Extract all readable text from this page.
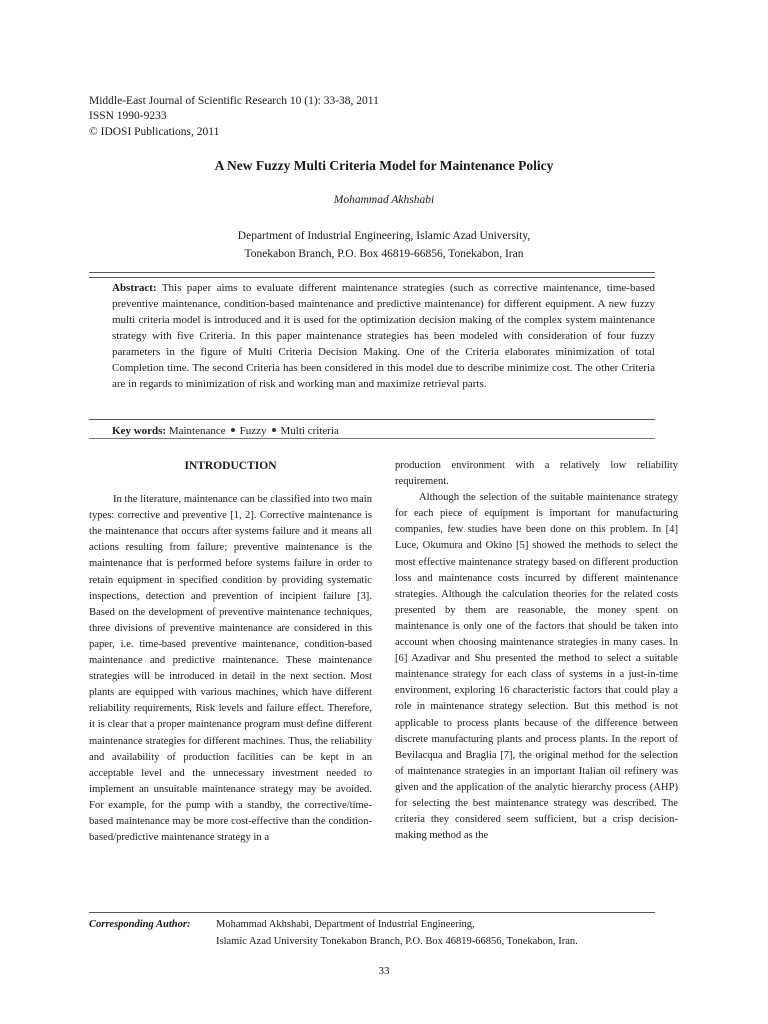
Middle-East Journal of Scientific Research 10 (1): 33-38, 2011
ISSN 1990-9233
© IDOSI Publications, 2011
A New Fuzzy Multi Criteria Model for Maintenance Policy
Mohammad Akhshabi
Department of Industrial Engineering, Islamic Azad University,
Tonekabon Branch, P.O. Box 46819-66856, Tonekabon, Iran
Abstract: This paper aims to evaluate different maintenance strategies (such as corrective maintenance, time-based preventive maintenance, condition-based maintenance and predictive maintenance) for different equipment. A new fuzzy multi criteria model is introduced and it is used for the optimization decision making of the complex system maintenance strategy with five Criteria. In this paper maintenance strategies has been modeled with consideration of four fuzzy parameters in the figure of Multi Criteria Decision Making. One of the Criteria elaborates minimization of total Completion time. The second Criteria has been considered in this model due to describe minimize cost. The other Criteria are in regards to minimization of risk and working man and maximize retrieval parts.
Key words: Maintenance Fuzzy Multi criteria
INTRODUCTION

In the literature, maintenance can be classified into two main types: corrective and preventive [1, 2]. Corrective maintenance is the maintenance that occurs after systems failure and it means all actions resulting from failure; preventive maintenance is the maintenance that is performed before systems failure in order to retain equipment in specified condition by providing systematic inspections, detection and prevention of incipient failure [3]. Based on the development of preventive maintenance techniques, three divisions of preventive maintenance are considered in this paper, i.e. time-based preventive maintenance, condition-based maintenance and predictive maintenance. These maintenance strategies will be introduced in detail in the next section. Most plants are equipped with various machines, which have different reliability requirements, Risk levels and failure effect. Therefore, it is clear that a proper maintenance program must define different maintenance strategies for different machines. Thus, the reliability and availability of production facilities can be kept in an acceptable level and the unnecessary investment needed to implement an unsuitable maintenance strategy may be avoided. For example, for the pump with a standby, the corrective/time-based maintenance may be more cost-effective than the condition-based/predictive maintenance strategy in a

production environment with a relatively low reliability requirement.

Although the selection of the suitable maintenance strategy for each piece of equipment is important for manufacturing companies, few studies have been done on this problem. In [4] Luce, Okumura and Okino [5] showed the methods to select the most effective maintenance strategy based on different production loss and maintenance costs incurred by different maintenance strategies. Although the calculation theories for the related costs presented by them are reasonable, the money spent on maintenance is only one of the factors that should be taken into account when choosing maintenance strategies in many cases. In [6] Azadivar and Shu presented the method to select a suitable maintenance strategy for each class of systems in a just-in-time environment, exploring 16 characteristic factors that could play a role in maintenance strategy selection. But this method is not applicable to process plants because of the difference between discrete manufacturing plants and process plants. In the report of Bevilacqua and Braglia [7], the original method for the selection of maintenance strategies in an important Italian oil refinery was given and the application of the analytic hierarchy process (AHP) for selecting the best maintenance strategy was described. The criteria they considered seem sufficient, but a crisp decision-making method as the

Corresponding Author: Mohammad Akhshabi, Department of Industrial Engineering,
Islamic Azad University Tonekabon Branch, P.O. Box 46819-66856, Tonekabon, Iran.
33
